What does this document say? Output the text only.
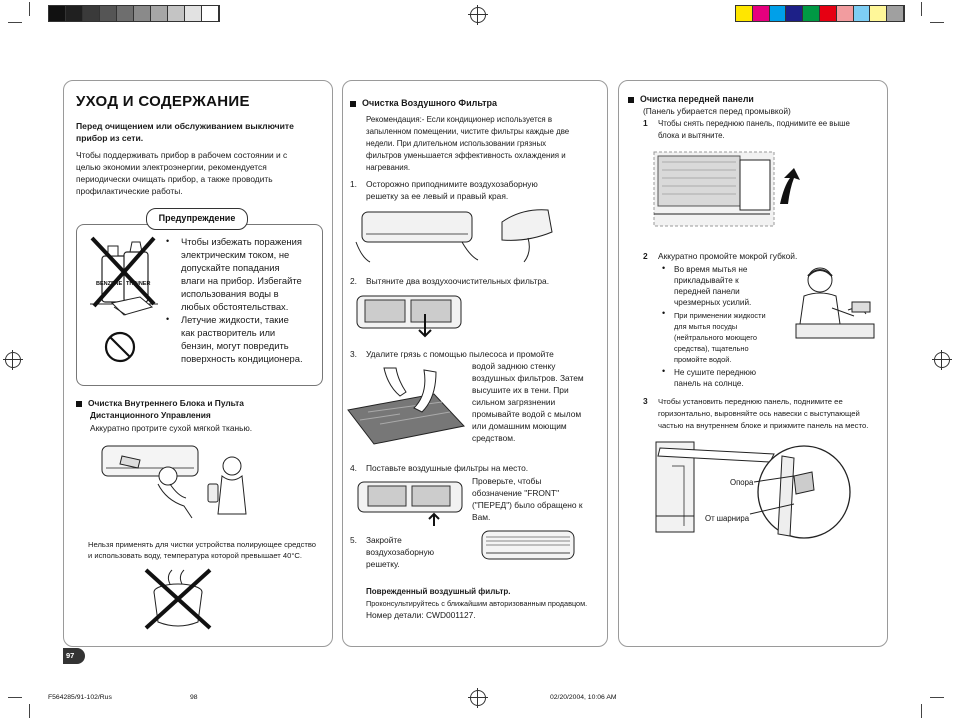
УХОД И СОДЕРЖАНИЕ
Перед очищением или обслуживанием выключите
прибор из сети.
Чтобы поддерживать прибор в рабочем состоянии и с
целью экономии электроэнергии, рекомендуется
периодически очищать прибор, а также проводить
профилактические работы.
Предупреждение
BENZENE THINNER
• Чтобы избежать поражения
электрическим током, не
допускайте попадания
влаги на прибор. Избегайте
использования воды в
любых обстоятельствах.
• Летучие жидкости, такие
как растворитель или
бензин, могут повредить
поверхность кондиционера.
Очистка Внутреннего Блока и Пульта
Дистанционного Управления
Аккуратно протрите сухой мягкой тканью.
Нельзя применять для чистки устройства полирующее средство
и использовать воду, температура которой превышает 40°C.
97
Очистка Воздушного Фильтра
Рекомендация:- Если кондиционер используется в
запыленном помещении, чистите фильтры каждые две
недели. При длительном использовании грязных
фильтров уменьшается эффективность охлаждения и
нагревания.
1. Осторожно приподнимите воздухозаборную
решетку за ее левый и правый края.
2. Вытяните два воздухоочистительных фильтра.
3. Удалите грязь с помощью пылесоса и промойте
водой заднюю стенку
воздушных фильтров. Затем
высушите их в тени. При
сильном загрязнении
промывайте водой с мылом
или домашним моющим
средством.
4. Поставьте воздушные фильтры на место.
Проверьте, чтобы
обозначение "FRONT"
("ПЕРЕД") было обращено к
Вам.
5. Закройте
воздухозаборную
решетку.
Поврежденный воздушный фильтр.
Проконсультируйтесь с ближайшим авторизованным продавцом.
Номер детали: CWD001127.
Очистка передней панели
(Панель убирается перед промывкой)
1 Чтобы снять переднюю панель, поднимите ее выше
блока и вытяните.
2 Аккуратно промойте мокрой губкой.
• Во время мытья не
прикладывайте к
передней панели
чрезмерных усилий.
• При применении жидкости
для мытья посуды
(нейтрального моющего
средства), тщательно
промойте водой.
• Не сушите переднюю
панель на солнце.
3 Чтобы установить переднюю панель, поднимите ее
горизонтально, выровняйте ось навески с выступающей
частью на внутреннем блоке и прижмите панель на место.
Опора
От шарнира
F564285/91-102/Rus	98	02/20/2004, 10:06 AM
